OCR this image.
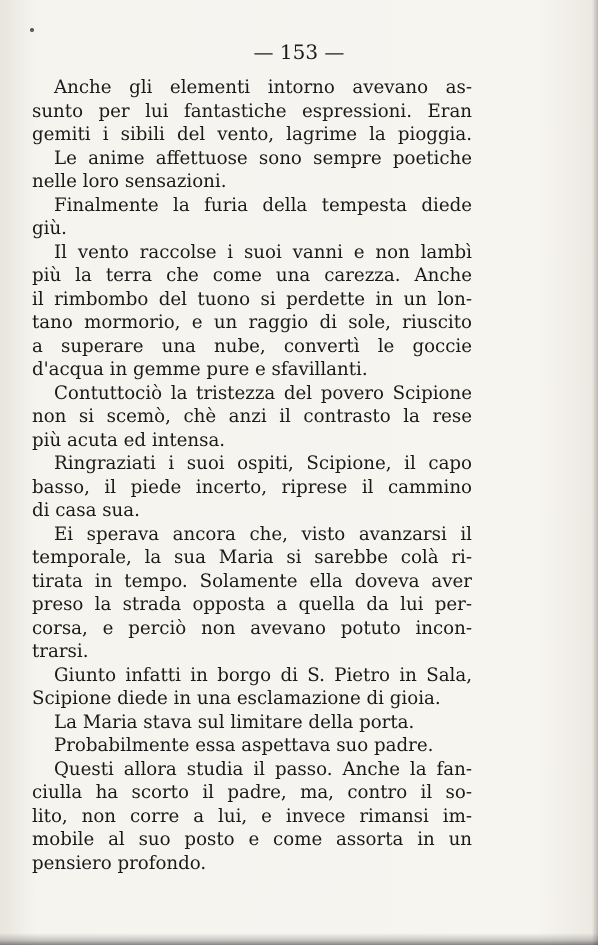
— 153 —
Anche gli elementi intorno avevano as-
sunto per lui fantastiche espressioni. Eran
gemiti i sibili del vento, lagrime la pioggia.
Le anime affettuose sono sempre poetiche
nelle loro sensazioni.
Finalmente la furia della tempesta diede
giù.
Il vento raccolse i suoi vanni e non lambì
più la terra che come una carezza. Anche
il rimbombo del tuono si perdette in un lon-
tano mormorio, e un raggio di sole, riuscito
a superare una nube, convertì le goccie
d'acqua in gemme pure e sfavillanti.
Contuttociò la tristezza del povero Scipione
non si scemò, chè anzi il contrasto la rese
più acuta ed intensa.
Ringraziati i suoi ospiti, Scipione, il capo
basso, il piede incerto, riprese il cammino
di casa sua.
Ei sperava ancora che, visto avanzarsi il
temporale, la sua Maria si sarebbe colà ri-
tirata in tempo. Solamente ella doveva aver
preso la strada opposta a quella da lui per-
corsa, e perciò non avevano potuto incon-
trarsi.
Giunto infatti in borgo di S. Pietro in Sala,
Scipione diede in una esclamazione di gioia.
La Maria stava sul limitare della porta.
Probabilmente essa aspettava suo padre.
Questi allora studia il passo. Anche la fan-
ciulla ha scorto il padre, ma, contro il so-
lito, non corre a lui, e invece rimansi im-
mobile al suo posto e come assorta in un
pensiero profondo.
